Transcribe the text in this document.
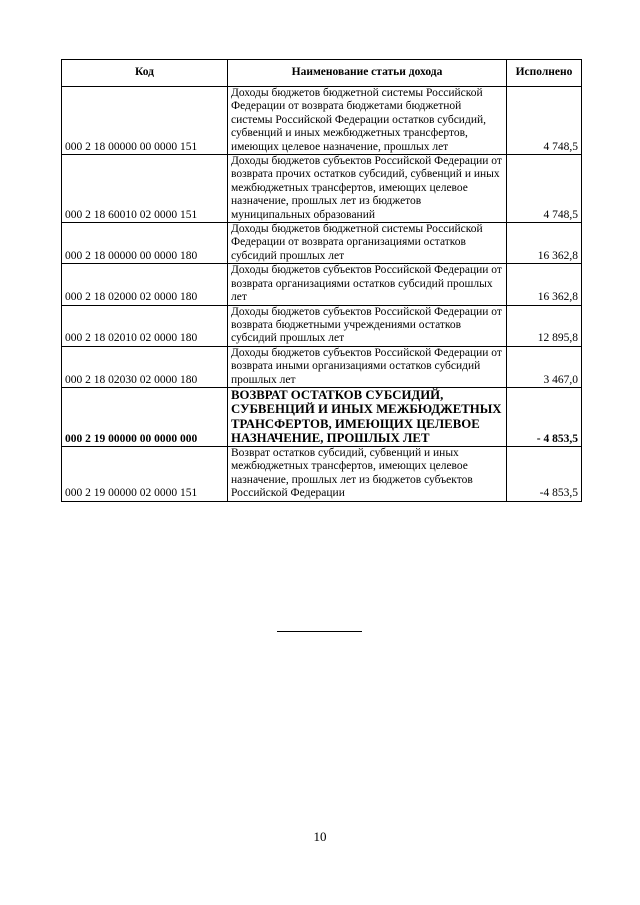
Код	Наименование статьи дохода	Исполнено
000 2 18 00000 00 0000 151	Доходы бюджетов бюджетной системы Российской Федерации от возврата бюджетами бюджетной системы Российской Федерации остатков субсидий, субвенций и иных межбюджетных трансфертов, имеющих целевое назначение, прошлых лет	4 748,5
000 2 18 60010 02 0000 151	Доходы бюджетов субъектов Российской Федерации от возврата прочих остатков субсидий, субвенций и иных межбюджетных трансфертов, имеющих целевое назначение, прошлых лет из бюджетов муниципальных образований	4 748,5
000 2 18 00000 00 0000 180	Доходы бюджетов бюджетной системы Российской Федерации от возврата организациями остатков субсидий прошлых лет	16 362,8
000 2 18 02000 02 0000 180	Доходы бюджетов субъектов Российской Федерации от возврата организациями остатков субсидий прошлых лет	16 362,8
000 2 18 02010 02 0000 180	Доходы бюджетов субъектов Российской Федерации от возврата бюджетными учреждениями остатков субсидий прошлых лет	12 895,8
000 2 18 02030 02 0000 180	Доходы бюджетов субъектов Российской Федерации от возврата иными организациями остатков субсидий прошлых лет	3 467,0
000 2 19 00000 00 0000 000	ВОЗВРАТ ОСТАТКОВ СУБСИДИЙ, СУБВЕНЦИЙ И ИНЫХ МЕЖБЮДЖЕТНЫХ ТРАНСФЕРТОВ, ИМЕЮЩИХ ЦЕЛЕВОЕ НАЗНАЧЕНИЕ, ПРОШЛЫХ ЛЕТ	- 4 853,5
000 2 19 00000 02 0000 151	Возврат остатков субсидий, субвенций и иных межбюджетных трансфертов, имеющих целевое назначение, прошлых лет из бюджетов субъектов Российской Федерации	-4 853,5
10
